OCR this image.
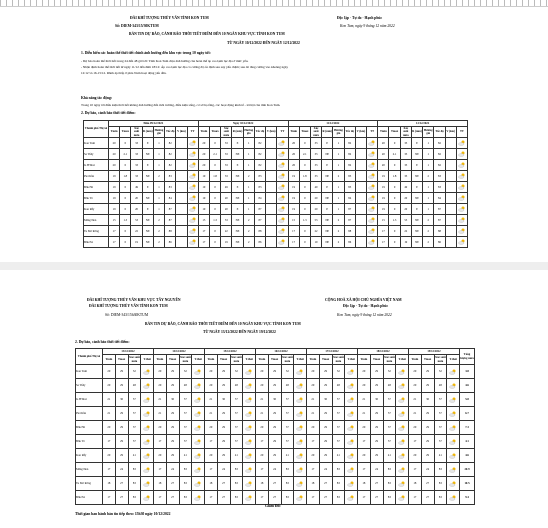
ĐÀI KHÍ TƯỢNG THỦY VĂN TỈNH KON TUM	Độc lập - Tự do - Hạnh phúc
Số: DIEM-343/15/30KTUM	Kon Tum, ngày 9 tháng 12 năm 2022
BẢN TIN DỰ BÁO, CẢNH BÁO THỜI TIẾT ĐIỂM ĐẾN 10 NGÀY KHU VỰC TỈNH KON TUM
TỪ NGÀY 10/12/2022 ĐẾN NGÀY 12/12/2022
1. Diễn biến các hoàn thế thời tiết chính ảnh hưởng đến khu vực trong 10 ngày tới:
- Dự báo hoàn thế thời tiết trong 24 đến 48 giờ tới: Tỉnh Kon Tum chịu ảnh hưởng của hoàn thế áp cao lạnh lục địa ở mức yếu.
- Nhận định hoàn thế thời tiết từ ngày 11/12 đến đêm 18/12: Áp cao lạnh lục địa có cường độ ổn định sau suy yếu chậm; sau đó tăng cường vào khoảng ngày
12/12 và 16-15/12. Rãnh áp thấp ở phía Nam hoạt động yếu dần.
Khả năng tác động:
Trong 10 ngày tới điều kiện thời tiết không ảnh hưởng đến môi trường, điều kiện sống, cơ sở hạ tầng, các hoạt động kinh tế - xã hội của tỉnh Kon Tum.
2. Dự báo, cảnh báo thời tiết điểm:
Thành phố Thị xã	Đêm 09/12/2022								Ngày 10/12/2022								11/12/2022								12/12/2022							
	Tmin	Tmax	Xác suất mưa	R (mm)	Hướng gió	Tốc độ	V (km)	TT	Tmin	Tmax	Xác suất mưa	R (mm)	Hướng gió	Tốc độ	V (km)	TT	Tmin	Tmax	Xác suất mưa	R (mm)	Hướng gió	Tốc độ	V (km)	TT	Tmin	Tmax	Xác suất mưa	R (mm)	Hướng gió	Tốc độ	V (km)	TT
Kon Tum	20	0	33	E	1	82			20	0	33	E	1	82			20	0	33	E	1	82			20	0	33	E	1	82		
Sa Thầy	20	2.1	33	NE	1	82			20	2.1	33	NE	1	82			20	2.1	33	NE	1	82			20	2.1	33	NE	1	82		
Ia H'Drai	20	0	33	E	1	82			20	0	33	E	1	82			20	0	33	E	1	82			20	0	33	E	1	82		
Plei Kần	19	1.8	33	NE	2	83			19	1.8	33	NE	2	83			19	1.8	33	NE	2	83			19	1.8	33	NE	2	83		
Đăk Hà	19	0	49	E	1	83			19	0	49	E	1	83			19	0	49	E	1	83			19	0	49	E	1	83		
Đăk Tô	19	0	20	NE	1	84			19	0	20	NE	1	84			19	0	20	NE	1	84			19	0	20	NE	1	84		
Kon Rẫy	19	0	20	E	1	87			19	0	20	E	1	87			19	0	20	E	1	87			19	0	20	E	1	87		
Măng Đen	15	1.3	53	NE	2	87			15	1.3	53	NE	2	87			15	1.3	53	NE	2	87			15	1.3	53	NE	2	87		
Tu Mơ Rông	17	0	22	NE	2	88			17	0	22	NE	2	88			17	0	22	NE	2	88			17	0	22	NE	2	88		
Đăk Psi	17	0	19	NE	2	86			17	0	19	NE	2	86			17	0	19	NE	2	86			17	0	19	NE	2	86		
ĐÀI KHÍ TƯỢNG THỦY VĂN KHU VỰC TÂY NGUYÊN
ĐÀI KHÍ TƯỢNG THỦY VĂN TỈNH KON TUM
CỘNG HOÀ XÃ HỘI CHỦ NGHĨA VIỆT NAM
Độc lập - Tự do - Hạnh phúc
Số: DIEM-343/15h30KTUM	Kon Tum, ngày 9 tháng 12 năm 2022
BẢN TIN DỰ BÁO, CẢNH BÁO THỜI TIẾT ĐIỂM ĐẾN 10 NGÀY KHU VỰC TỈNH KON TUM
TỪ NGÀY 13/12/2022 ĐẾN NGÀY 19/12/2022
2. Dự báo, cảnh báo thời tiết điểm:
Thành phố Thị xã	13/12/2022				14/12/2022				15/12/2022				16/12/2022				17/12/2022				18/12/2022				19/12/2022				Tổng lượng mưa
	Tmin	Tmax	Xác suất mưa	T.thái	Tmin	Tmax	Xác suất mưa	T.thái	Tmin	Tmax	Xác suất mưa	T.thái	Tmin	Tmax	Xác suất mưa	T.thái	Tmin	Tmax	Xác suất mưa	T.thái	Tmin	Tmax	Xác suất mưa	T.thái	Tmin	Tmax	Xác suất mưa	T.thái	
Kon Tum	20	29	32		20	29	32		20	29	32		20	29	32		20	29	32		20	29	32		20	29	32		3.8
Sa Thầy	20	29	48		20	29	48		20	29	48		20	29	48		20	29	48		20	29	48		20	29	48		4.6
Ia H'Drai	21	30	57		21	30	57		21	30	57		21	30	57		21	30	57		21	30	57		21	30	57		5.8
Plei Kần	21	29	57		21	29	57		21	29	57		21	29	57		21	29	57		21	29	57		21	29	57		6.7
Đăk Hà	20	29	37		20	29	37		20	29	37		20	29	37		20	29	37		20	29	37		20	29	37		7.3
Đăk Tô	17	29	57		17	29	57		17	29	57		17	29	57		17	29	57		17	29	57		17	29	57		4.1
Kon Rẫy	20	29	41		20	29	41		20	29	41		20	29	41		20	29	41		20	29	41		20	29	41		4.6
Măng Đen	17	24	83		17	24	83		17	24	83		17	24	83		17	24	83		17	24	83		17	24	83		20.9
Tu Mơ Rông	18	27	83		18	27	83		18	27	83		18	27	83		18	27	83		18	27	83		18	27	83		10.5
Đăk Psi	17	27	83		17	27	83		17	27	83		17	27	83		17	27	83		17	27	83		17	27	83		9.4
Giám Đốc
Thời gian ban hành bản tin tiếp theo: 15h30 ngày 10/12/2022
